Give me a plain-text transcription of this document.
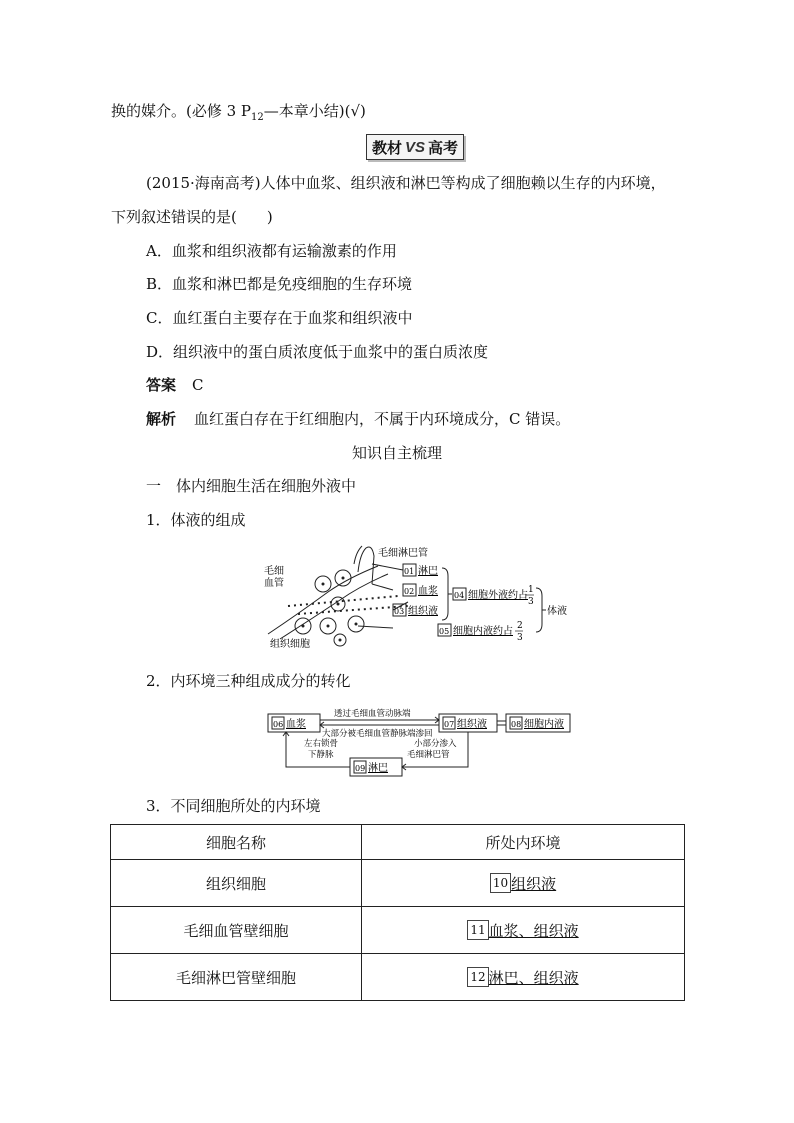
换的媒介。(必修 3 $P_{12}—$本章小结)(√)
教材 VS 高考
(2015·海南高考)人体中血浆、组织液和淋巴等构成了细胞赖以生存的内环境，
下列叙述错误的是(　　)
A．血浆和组织液都有运输激素的作用
B．血浆和淋巴都是免疫细胞的生存环境
C．血红蛋白主要存在于血浆和组织液中
D．组织液中的蛋白质浓度低于血浆中的蛋白质浓度
答案 C
解析 血红蛋白存在于红细胞内，不属于内环境成分，C 错误。
知识自主梳理
一　体内细胞生活在细胞外液中
1．体液的组成
毛细
血管
毛细淋巴管
组织细胞
01 淋巴
02 血浆
03 组织液
04 细胞外液约占 1
3
05 细胞内液约占 2
3
体液
2．内环境三种组成成分的转化
06 血浆	07 组织液	08 细胞内液
09 淋巴
透过毛细血管动脉端
大部分被毛细血管静脉端渗回
小部分渗入
毛细淋巴管
左右锁骨
下静脉
3．不同细胞所处的内环境
细胞名称	所处内环境
组织细胞	10 组织液
毛细血管壁细胞	11 血浆、组织液
毛细淋巴管壁细胞	12 淋巴、组织液
